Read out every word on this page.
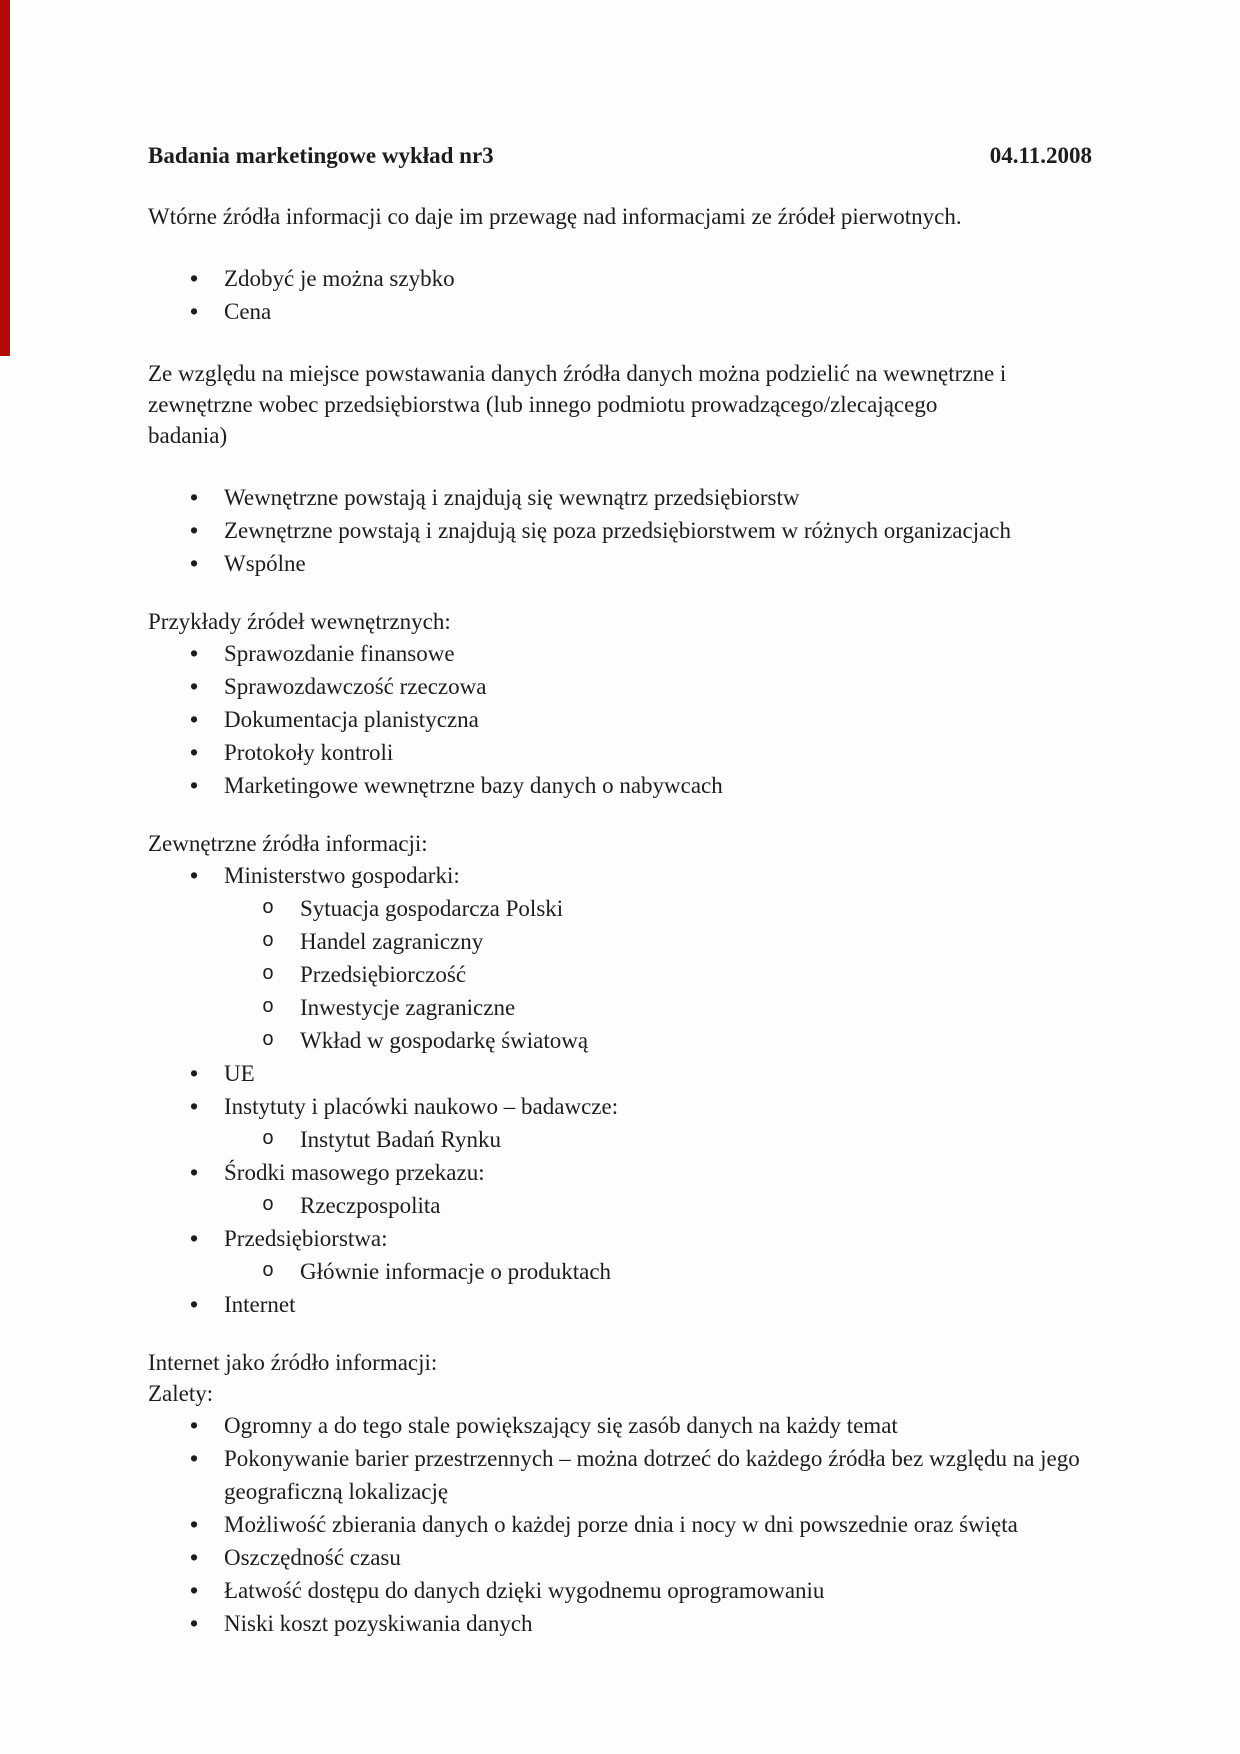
Badania marketingowe wykład nr3	04.11.2008
Wtórne źródła informacji co daje im przewagę nad informacjami ze źródeł pierwotnych.
• Zdobyć je można szybko
• Cena
Ze względu na miejsce powstawania danych źródła danych można podzielić na wewnętrzne i
zewnętrzne wobec przedsiębiorstwa (lub innego podmiotu prowadzącego/zlecającego
badania)
• Wewnętrzne powstają i znajdują się wewnątrz przedsiębiorstw
• Zewnętrzne powstają i znajdują się poza przedsiębiorstwem w różnych organizacjach
• Wspólne
Przykłady źródeł wewnętrznych:
• Sprawozdanie finansowe
• Sprawozdawczość rzeczowa
• Dokumentacja planistyczna
• Protokoły kontroli
• Marketingowe wewnętrzne bazy danych o nabywcach
Zewnętrzne źródła informacji:
• Ministerstwo gospodarki:
o Sytuacja gospodarcza Polski
o Handel zagraniczny
o Przedsiębiorczość
o Inwestycje zagraniczne
o Wkład w gospodarkę światową
• UE
• Instytuty i placówki naukowo – badawcze:
o Instytut Badań Rynku
• Środki masowego przekazu:
o Rzeczpospolita
• Przedsiębiorstwa:
o Głównie informacje o produktach
• Internet
Internet jako źródło informacji:
Zalety:
• Ogromny a do tego stale powiększający się zasób danych na każdy temat
• Pokonywanie barier przestrzennych – można dotrzeć do każdego źródła bez względu na jego geograficzną lokalizację
• Możliwość zbierania danych o każdej porze dnia i nocy w dni powszednie oraz święta
• Oszczędność czasu
• Łatwość dostępu do danych dzięki wygodnemu oprogramowaniu
• Niski koszt pozyskiwania danych
